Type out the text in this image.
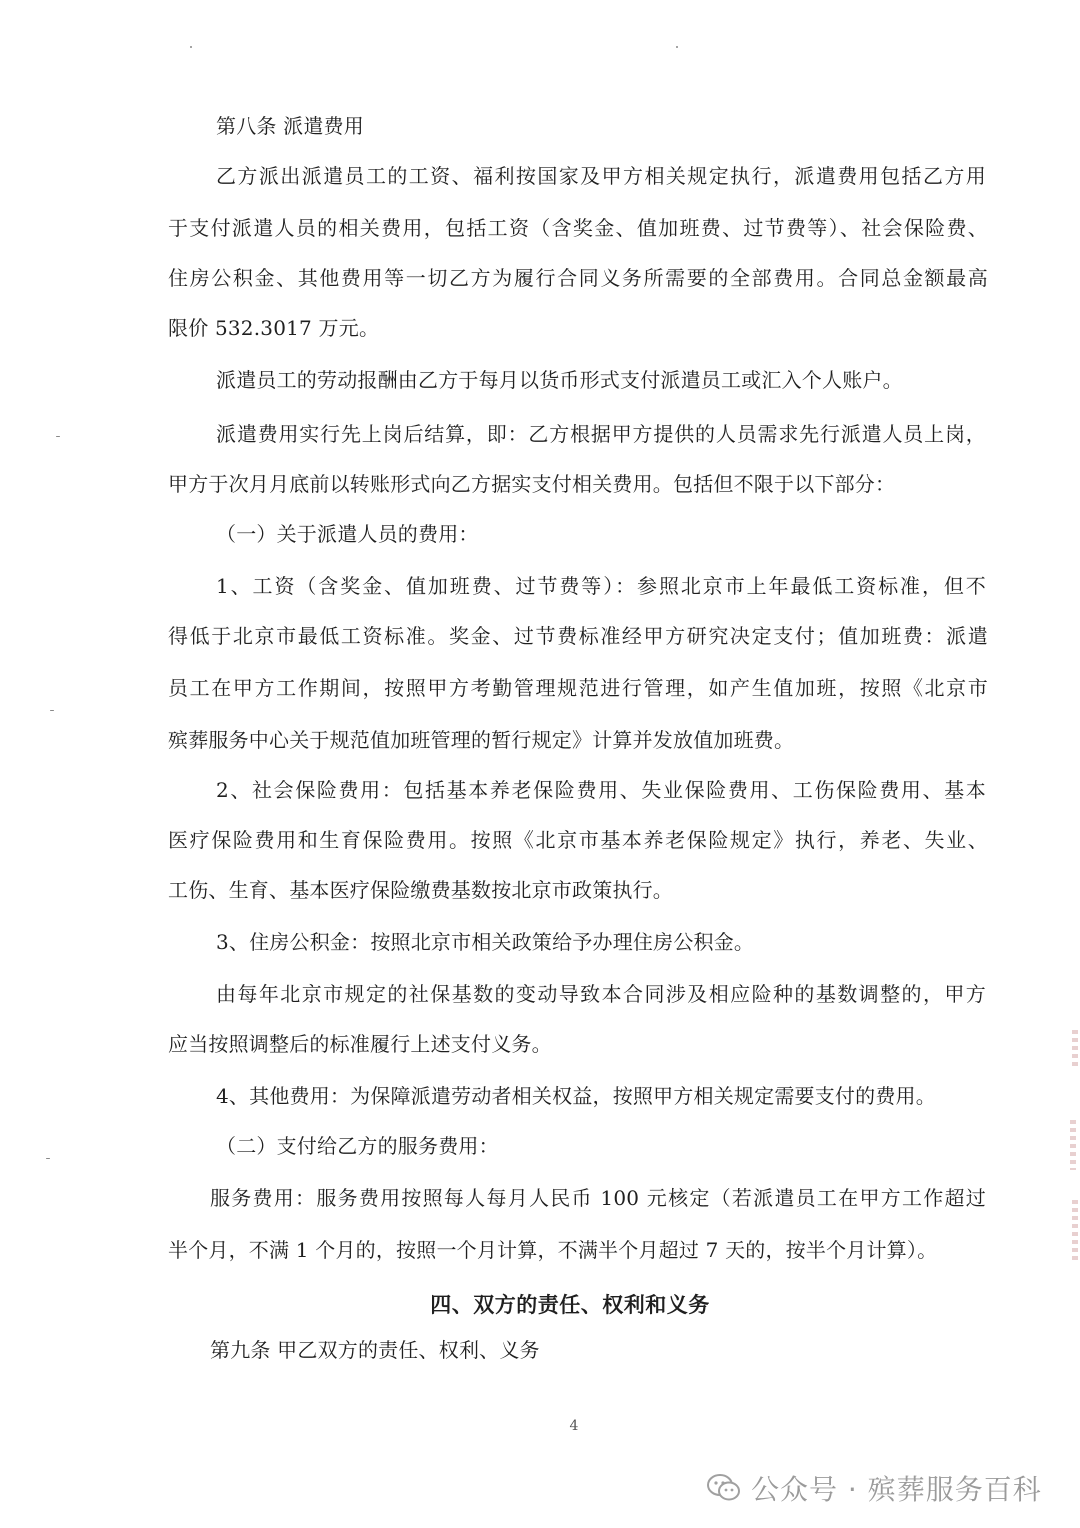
第八条 派遣费用
乙方派出派遣员工的工资、福利按国家及甲方相关规定执行，派遣费用包括乙方用
于支付派遣人员的相关费用，包括工资（含奖金、值加班费、过节费等）、社会保险费、
住房公积金、其他费用等一切乙方为履行合同义务所需要的全部费用。合同总金额最高
限价 532.3017 万元。
派遣员工的劳动报酬由乙方于每月以货币形式支付派遣员工或汇入个人账户。
派遣费用实行先上岗后结算，即：乙方根据甲方提供的人员需求先行派遣人员上岗，
甲方于次月月底前以转账形式向乙方据实支付相关费用。包括但不限于以下部分：
（一）关于派遣人员的费用：
1、工资（含奖金、值加班费、过节费等）：参照北京市上年最低工资标准，但不
得低于北京市最低工资标准。奖金、过节费标准经甲方研究决定支付；值加班费：派遣
员工在甲方工作期间，按照甲方考勤管理规范进行管理，如产生值加班，按照《北京市
殡葬服务中心关于规范值加班管理的暂行规定》计算并发放值加班费。
2、社会保险费用：包括基本养老保险费用、失业保险费用、工伤保险费用、基本
医疗保险费用和生育保险费用。按照《北京市基本养老保险规定》执行，养老、失业、
工伤、生育、基本医疗保险缴费基数按北京市政策执行。
3、住房公积金：按照北京市相关政策给予办理住房公积金。
由每年北京市规定的社保基数的变动导致本合同涉及相应险种的基数调整的，甲方
应当按照调整后的标准履行上述支付义务。
4、其他费用：为保障派遣劳动者相关权益，按照甲方相关规定需要支付的费用。
（二）支付给乙方的服务费用：
服务费用：服务费用按照每人每月人民币 100 元核定（若派遣员工在甲方工作超过
半个月，不满 1 个月的，按照一个月计算，不满半个月超过 7 天的，按半个月计算）。
四、双方的责任、权利和义务
第九条 甲乙双方的责任、权利、义务
4
公众号 · 殡葬服务百科
